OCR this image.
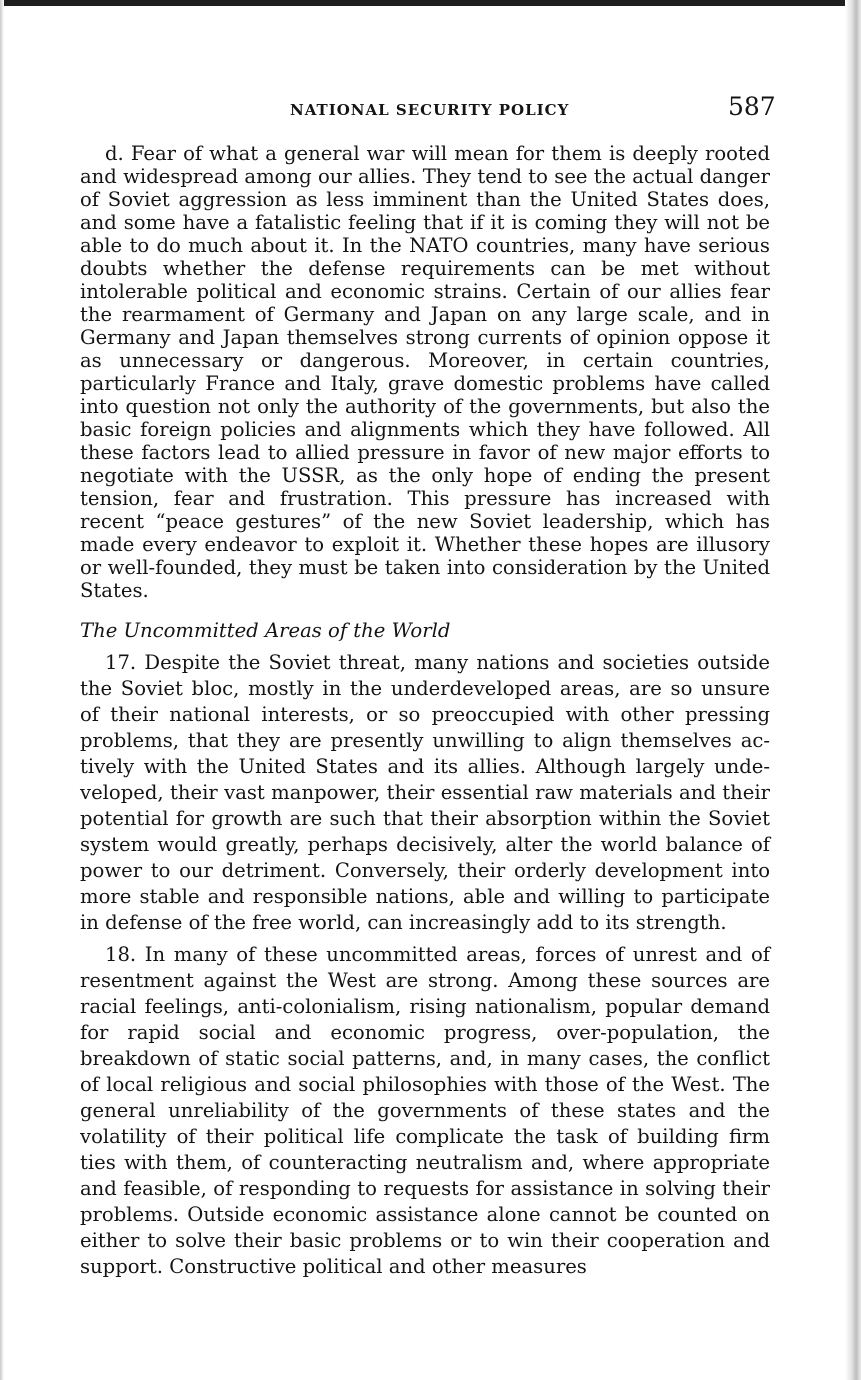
NATIONAL SECURITY POLICY	587

d. Fear of what a general war will mean for them is deeply rooted and widespread among our allies. They tend to see the actual danger of Soviet aggression as less imminent than the United States does, and some have a fatalistic feeling that if it is coming they will not be able to do much about it. In the NATO countries, many have serious doubts whether the defense requirements can be met without intolerable political and economic strains. Certain of our allies fear the rearmament of Germany and Japan on any large scale, and in Germany and Japan themselves strong currents of opinion oppose it as unnecessary or dangerous. Moreover, in certain countries, particularly France and Italy, grave domestic problems have called into question not only the authority of the governments, but also the basic foreign policies and alignments which they have followed. All these factors lead to allied pressure in favor of new major efforts to negotiate with the USSR, as the only hope of ending the present tension, fear and frustration. This pressure has increased with recent “peace gestures” of the new Soviet leadership, which has made every endeavor to exploit it. Whether these hopes are illusory or well-founded, they must be taken into consideration by the United States.

The Uncommitted Areas of the World

17. Despite the Soviet threat, many nations and societies outside the Soviet bloc, mostly in the underdeveloped areas, are so unsure of their national interests, or so preoccupied with other pressing problems, that they are presently unwilling to align themselves actively with the United States and its allies. Although largely undeveloped, their vast manpower, their essential raw materials and their potential for growth are such that their absorption within the Soviet system would greatly, perhaps decisively, alter the world balance of power to our detriment. Conversely, their orderly development into more stable and responsible nations, able and willing to participate in defense of the free world, can increasingly add to its strength.

18. In many of these uncommitted areas, forces of unrest and of resentment against the West are strong. Among these sources are racial feelings, anti-colonialism, rising nationalism, popular demand for rapid social and economic progress, over-population, the breakdown of static social patterns, and, in many cases, the conflict of local religious and social philosophies with those of the West. The general unreliability of the governments of these states and the volatility of their political life complicate the task of building firm ties with them, of counteracting neutralism and, where appropriate and feasible, of responding to requests for assistance in solving their problems. Outside economic assistance alone cannot be counted on either to solve their basic problems or to win their cooperation and support. Constructive political and other measures
